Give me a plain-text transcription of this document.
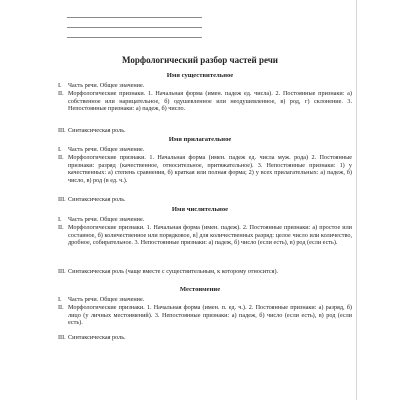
Морфологический разбор частей речи
Имя существительное
I.	Часть речи. Общее значение.
II. Морфологические признаки. 1. Начальная форма (имен. падеж ед. числа). 2. Постоянные признаки: а) собственное или нарицательное, б) одушевленное или неодушевленное, в) род, г) склонение. 3. Непостоянные признаки: а) падеж, б) число.
III. Синтаксическая роль.
Имя прилагательное
I.	Часть речи. Общее значение.
II. Морфологические признаки. 1. Начальная форма (имен. падеж ед. числа муж. рода) 2. Постоянные признаки: разряд (качественное, относительное, притяжательное). 3. Непостоянные признаки: 1) у качественных: а) степень сравнения, б) краткая или полная форма; 2) у всех прилагательных: а) падеж, б) число, в) род (в ед. ч.).
III. Синтаксическая роль.
Имя числительное
I.	Часть речи. Общее значение.
II. Морфологические признаки. 1. Начальная форма (имен. падеж). 2. Постоянные признаки: а) простое или составное, б) количественное или порядковое, в] для количественных разряд: целое число или количество, дробное, собирательное. 3. Непостоянные признаки: а) падеж, б) число (если есть), в) род (если есть).
III. Синтаксическая роль (чаще вместе с существительным, к которому относится).
Местоимение
I.	Часть речи. Общее значение.
II. Морфологические признаки. 1. Начальная форма (имен. п. ед. ч.). 2. Постоянные признаки: а) разряд, б) лицо (у личных местоимений). 3. Непостоянные признаки: а) падеж, б) число (если есть), в) род (если есть).
III. Синтаксическая роль.
